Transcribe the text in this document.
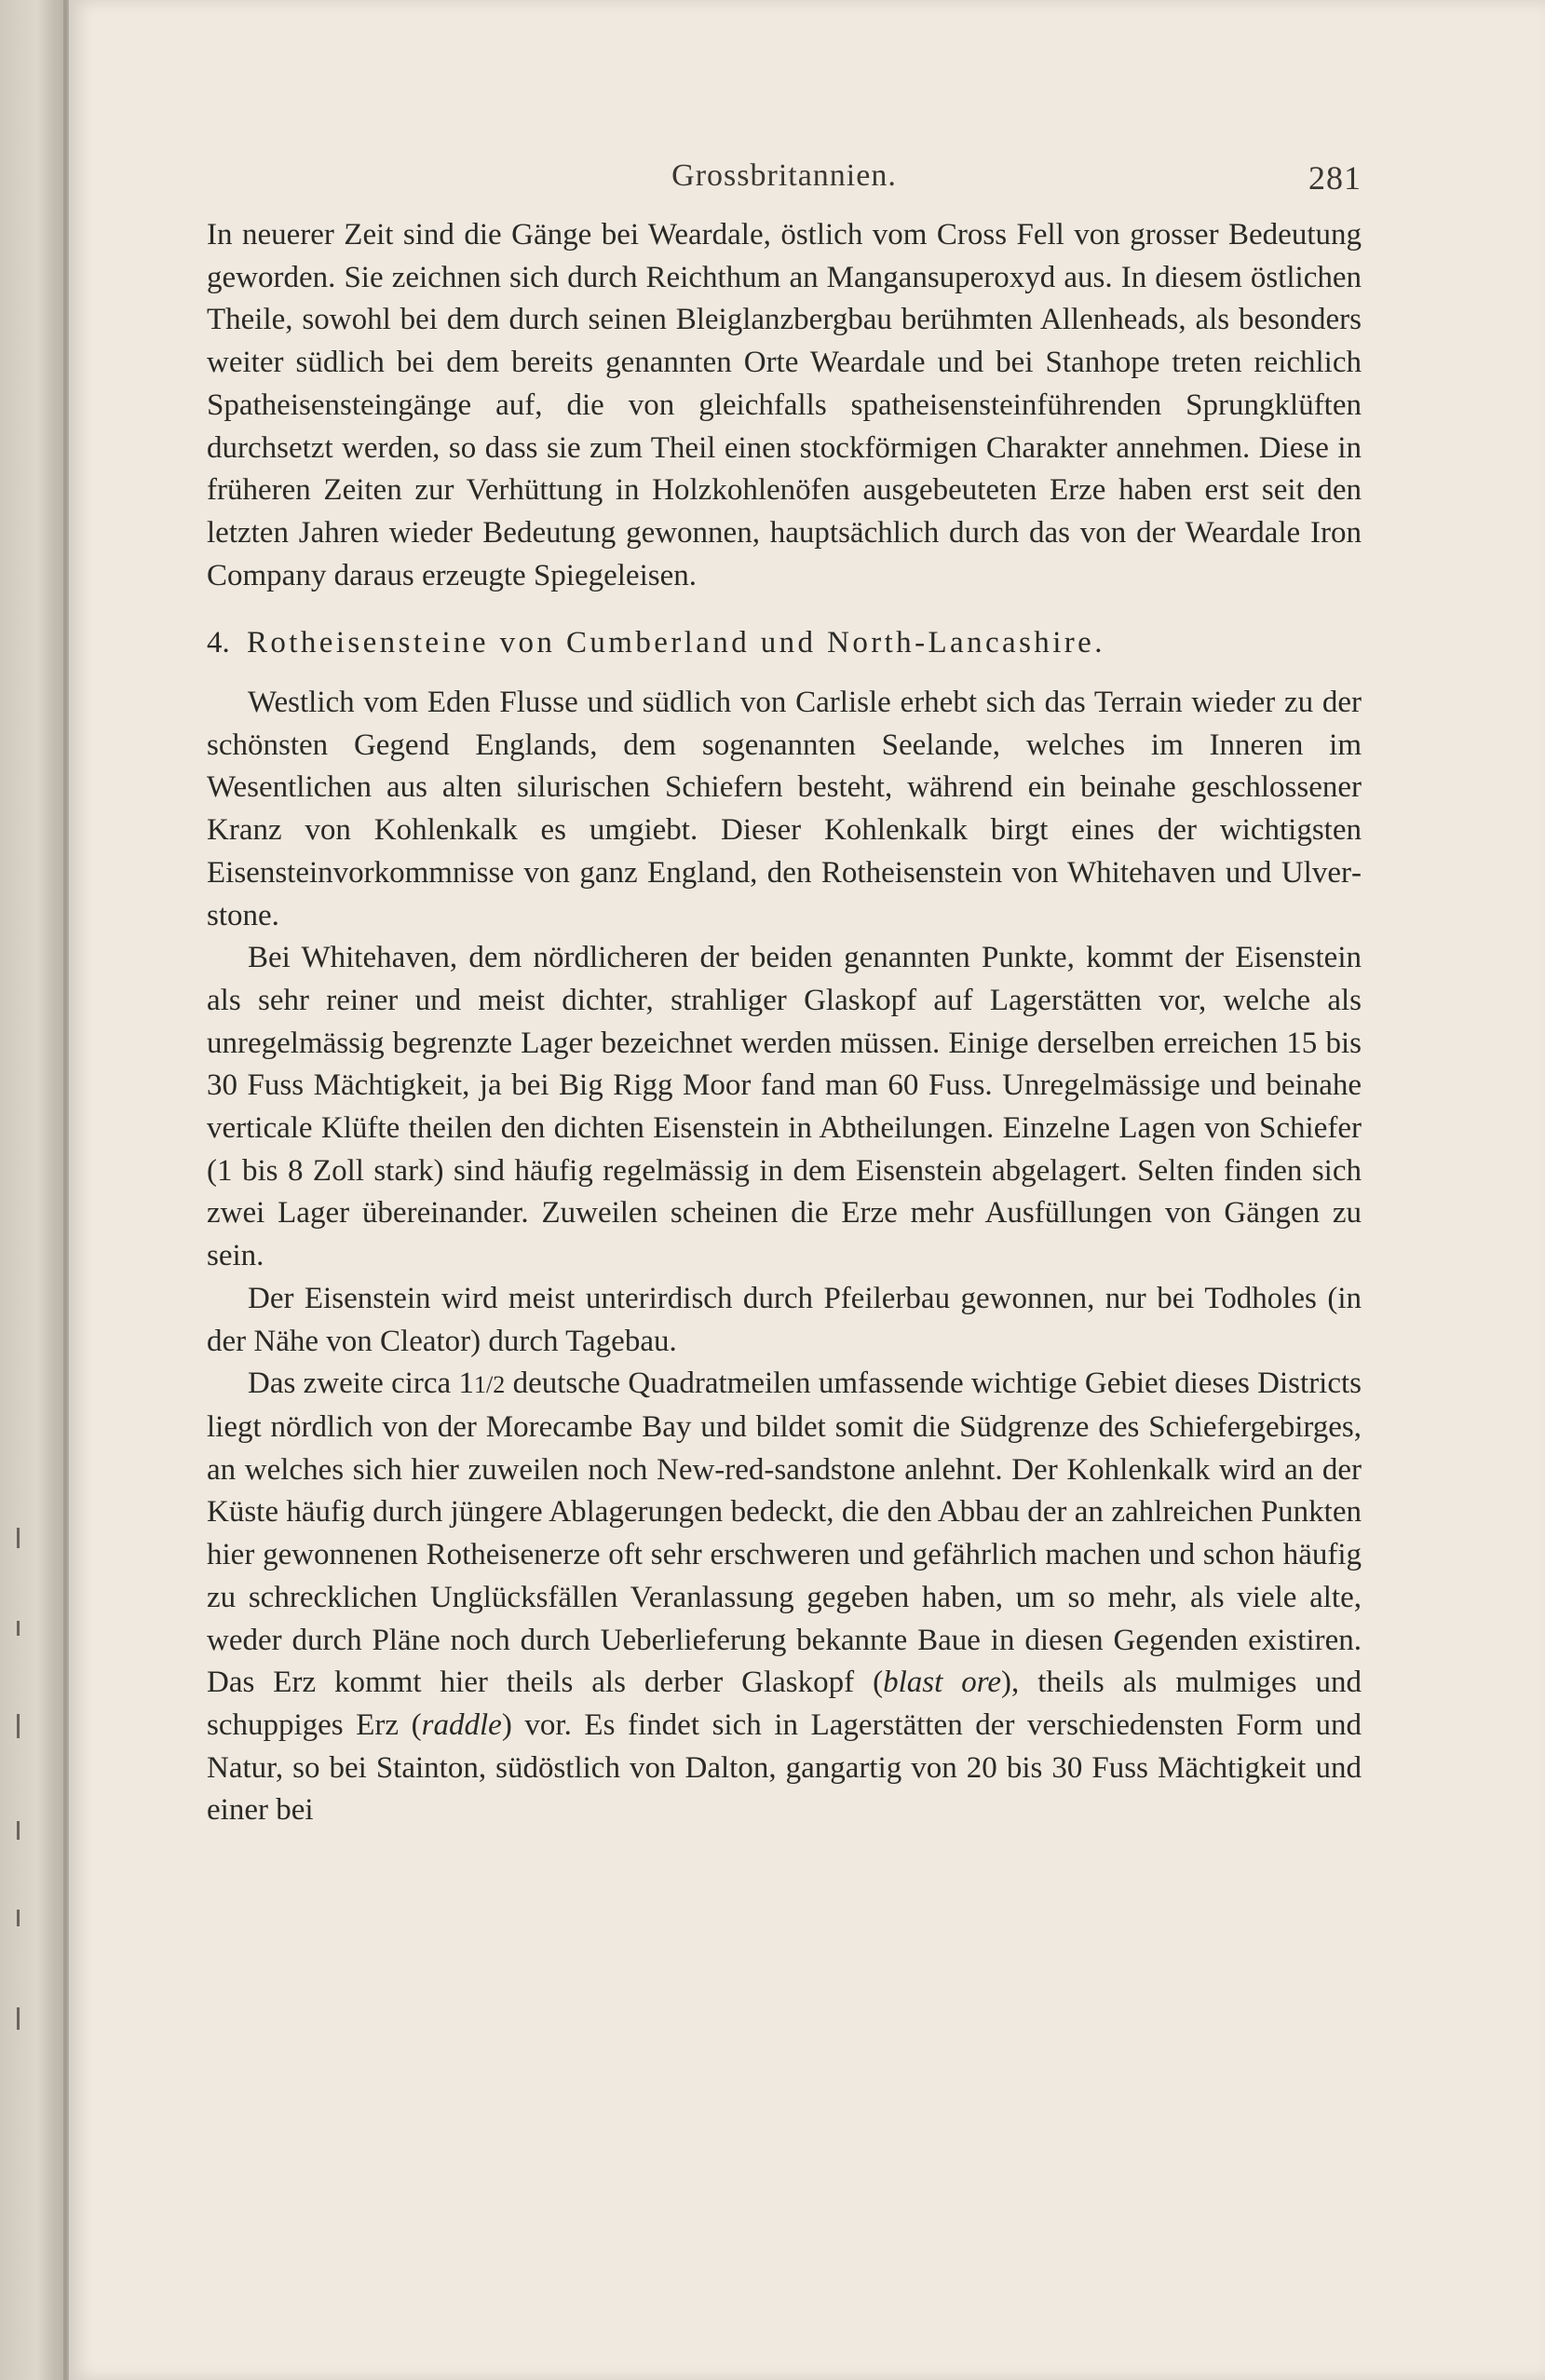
Grossbritannien.	281

In neuerer Zeit sind die Gänge bei Weardale, östlich vom Cross Fell von grosser Bedeutung geworden. Sie zeichnen sich durch Reichthum an Mangansuperoxyd aus. In diesem östlichen Theile, sowohl bei dem durch seinen Bleiglanzbergbau berühmten Allenheads, als besonders weiter südlich bei dem bereits genannten Orte Weardale und bei Stanhope treten reichlich Spatheisensteingänge auf, die von gleichfalls spatheisensteinführenden Sprungklüften durchsetzt werden, so dass sie zum Theil einen stockförmigen Charakter annehmen. Diese in früheren Zeiten zur Verhüttung in Holzkohlenöfen ausgebeuteten Erze haben erst seit den letzten Jahren wieder Bedeutung gewonnen, hauptsächlich durch das von der Weardale Iron Company daraus erzeugte Spiegeleisen.

4. Rotheisensteine von Cumberland und North-Lancashire.

Westlich vom Eden Flusse und südlich von Carlisle erhebt sich das Terrain wieder zu der schönsten Gegend Englands, dem sogenannten Seelande, welches im Inneren im Wesentlichen aus alten silurischen Schiefern besteht, während ein beinahe geschlossener Kranz von Kohlenkalk es umgiebt. Dieser Kohlenkalk birgt eines der wichtigsten Eisensteinvorkommnisse von ganz England, den Rotheisenstein von Whitehaven und Ulverstone.

Bei Whitehaven, dem nördlicheren der beiden genannten Punkte, kommt der Eisenstein als sehr reiner und meist dichter, strahliger Glaskopf auf Lagerstätten vor, welche als unregelmässig begrenzte Lager bezeichnet werden müssen. Einige derselben erreichen 15 bis 30 Fuss Mächtigkeit, ja bei Big Rigg Moor fand man 60 Fuss. Unregelmässige und beinahe verticale Klüfte theilen den dichten Eisenstein in Abtheilungen. Einzelne Lagen von Schiefer (1 bis 8 Zoll stark) sind häufig regelmässig in dem Eisenstein abgelagert. Selten finden sich zwei Lager übereinander. Zuweilen scheinen die Erze mehr Ausfüllungen von Gängen zu sein.

Der Eisenstein wird meist unterirdisch durch Pfeilerbau gewonnen, nur bei Todholes (in der Nähe von Cleator) durch Tagebau.

Das zweite circa 11/2 deutsche Quadratmeilen umfassende wichtige Gebiet dieses Districts liegt nördlich von der Morecambe Bay und bildet somit die Südgrenze des Schiefergebirges, an welches sich hier zuweilen noch New-red-sandstone anlehnt. Der Kohlenkalk wird an der Küste häufig durch jüngere Ablagerungen bedeckt, die den Abbau der an zahlreichen Punkten hier gewonnenen Rotheisenerze oft sehr erschweren und gefährlich machen und schon häufig zu schrecklichen Unglücksfällen Veranlassung gegeben haben, um so mehr, als viele alte, weder durch Pläne noch durch Ueberlieferung bekannte Baue in diesen Gegenden existiren. Das Erz kommt hier theils als derber Glaskopf (blast ore), theils als mulmiges und schuppiges Erz (raddle) vor. Es findet sich in Lagerstätten der verschiedensten Form und Natur, so bei Stainton, südöstlich von Dalton, gangartig von 20 bis 30 Fuss Mächtigkeit und einer bei
